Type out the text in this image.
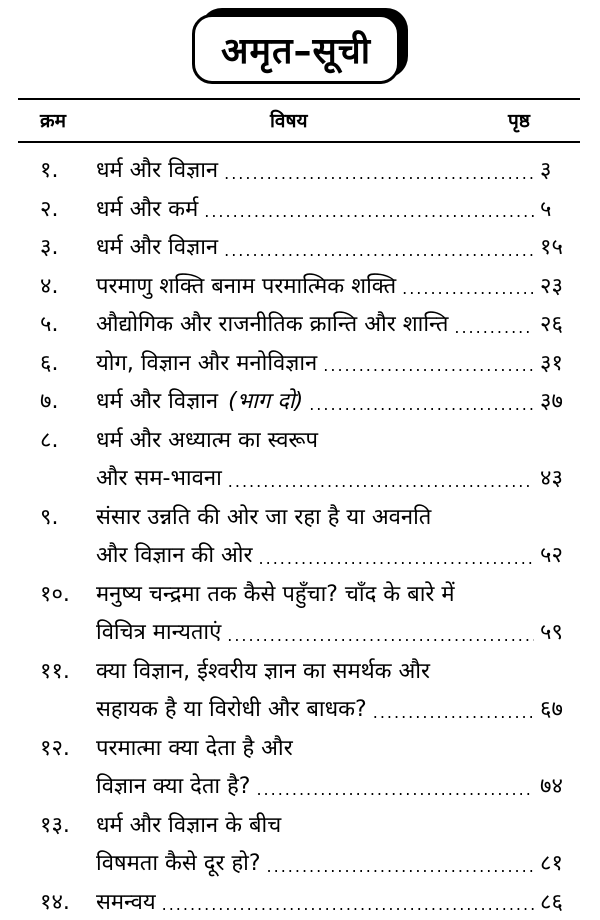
अमृत–सूची
क्रम	विषय	पृष्ठ
१.	धर्म और विज्ञान .....	३
२.	धर्म और कर्म .....	५
३.	धर्म और विज्ञान .....	१५
४.	परमाणु शक्ति बनाम परमात्मिक शक्ति .....	२३
५.	औद्योगिक और राजनीतिक क्रान्ति और शान्ति .....	२६
६.	योग, विज्ञान और मनोविज्ञान .....	३१
७.	धर्म और विज्ञान (भाग दो) .....	३७
८.	धर्म और अध्यात्म का स्वरूप
और सम-भावना .....	४३
९.	संसार उन्नति की ओर जा रहा है या अवनति
और विज्ञान की ओर .....	५२
१०.	मनुष्य चन्द्रमा तक कैसे पहुँचा? चाँद के बारे में
विचित्र मान्यताएं .....	५९
११.	क्या विज्ञान, ईश्वरीय ज्ञान का समर्थक और
सहायक है या विरोधी और बाधक? .....	६७
१२.	परमात्मा क्या देता है और
विज्ञान क्या देता है? .....	७४
१३.	धर्म और विज्ञान के बीच
विषमता कैसे दूर हो? .....	८१
१४.	समन्वय .....	८६
